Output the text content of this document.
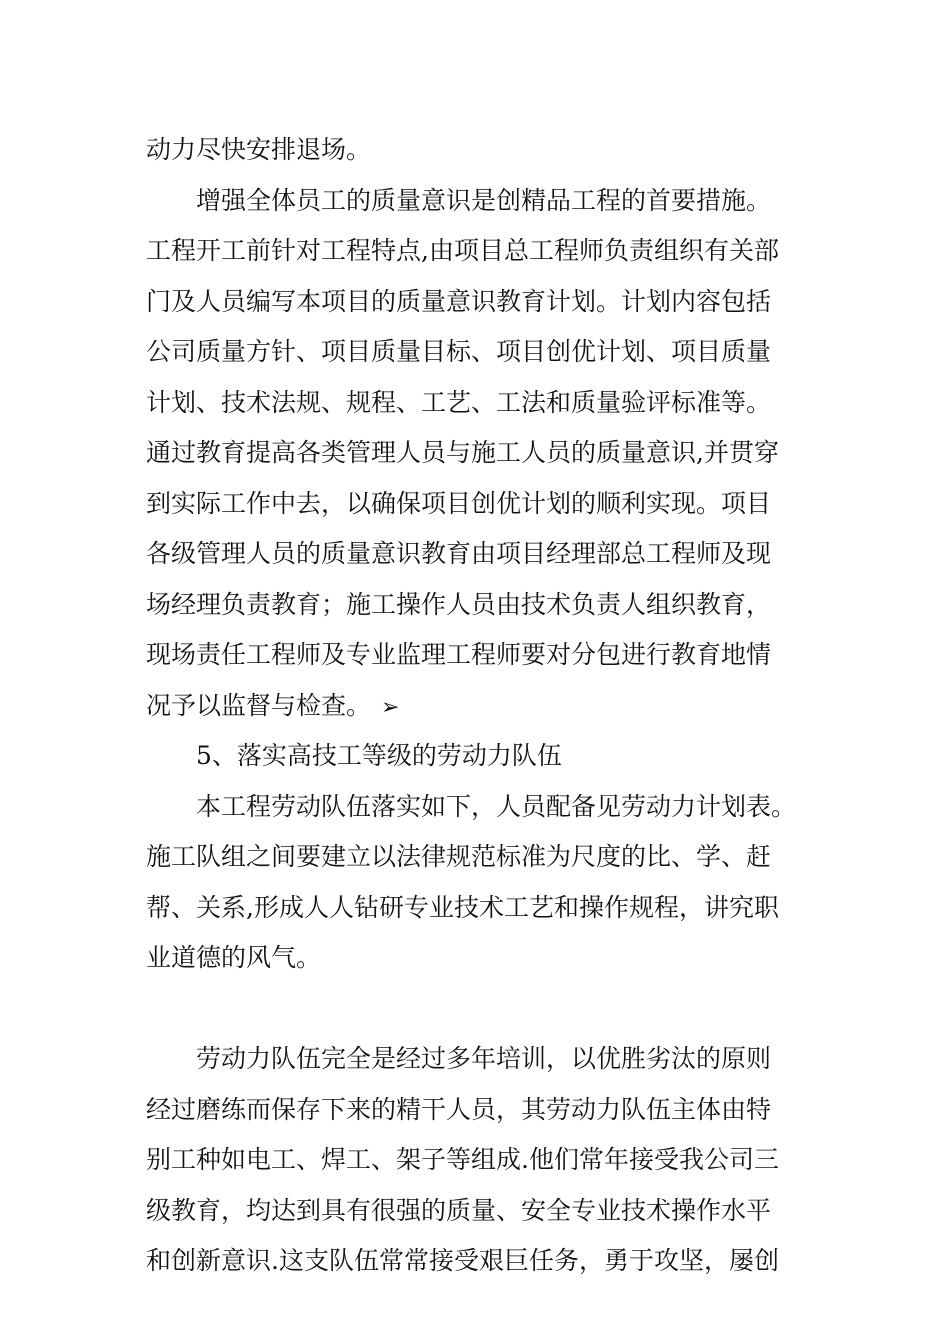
动力尽快安排退场。
增强全体员工的质量意识是创精品工程的首要措施。
工程开工前针对工程特点,由项目总工程师负责组织有关部
门及人员编写本项目的质量意识教育计划。计划内容包括
公司质量方针、项目质量目标、项目创优计划、项目质量
计划、技术法规、规程、工艺、工法和质量验评标准等。
通过教育提高各类管理人员与施工人员的质量意识,并贯穿
到实际工作中去，以确保项目创优计划的顺利实现。项目
各级管理人员的质量意识教育由项目经理部总工程师及现
场经理负责教育；施工操作人员由技术负责人组织教育，
现场责任工程师及专业监理工程师要对分包进行教育地情
况予以监督与检查。 ➢
5、落实高技工等级的劳动力队伍
本工程劳动队伍落实如下，人员配备见劳动力计划表。
施工队组之间要建立以法律规范标准为尺度的比、学、赶
帮、关系,形成人人钻研专业技术工艺和操作规程，讲究职
业道德的风气。
劳动力队伍完全是经过多年培训，以优胜劣汰的原则
经过磨练而保存下来的精干人员，其劳动力队伍主体由特
别工种如电工、焊工、架子等组成.他们常年接受我公司三
级教育，均达到具有很强的质量、安全专业技术操作水平
和创新意识.这支队伍常常接受艰巨任务，勇于攻坚，屡创
